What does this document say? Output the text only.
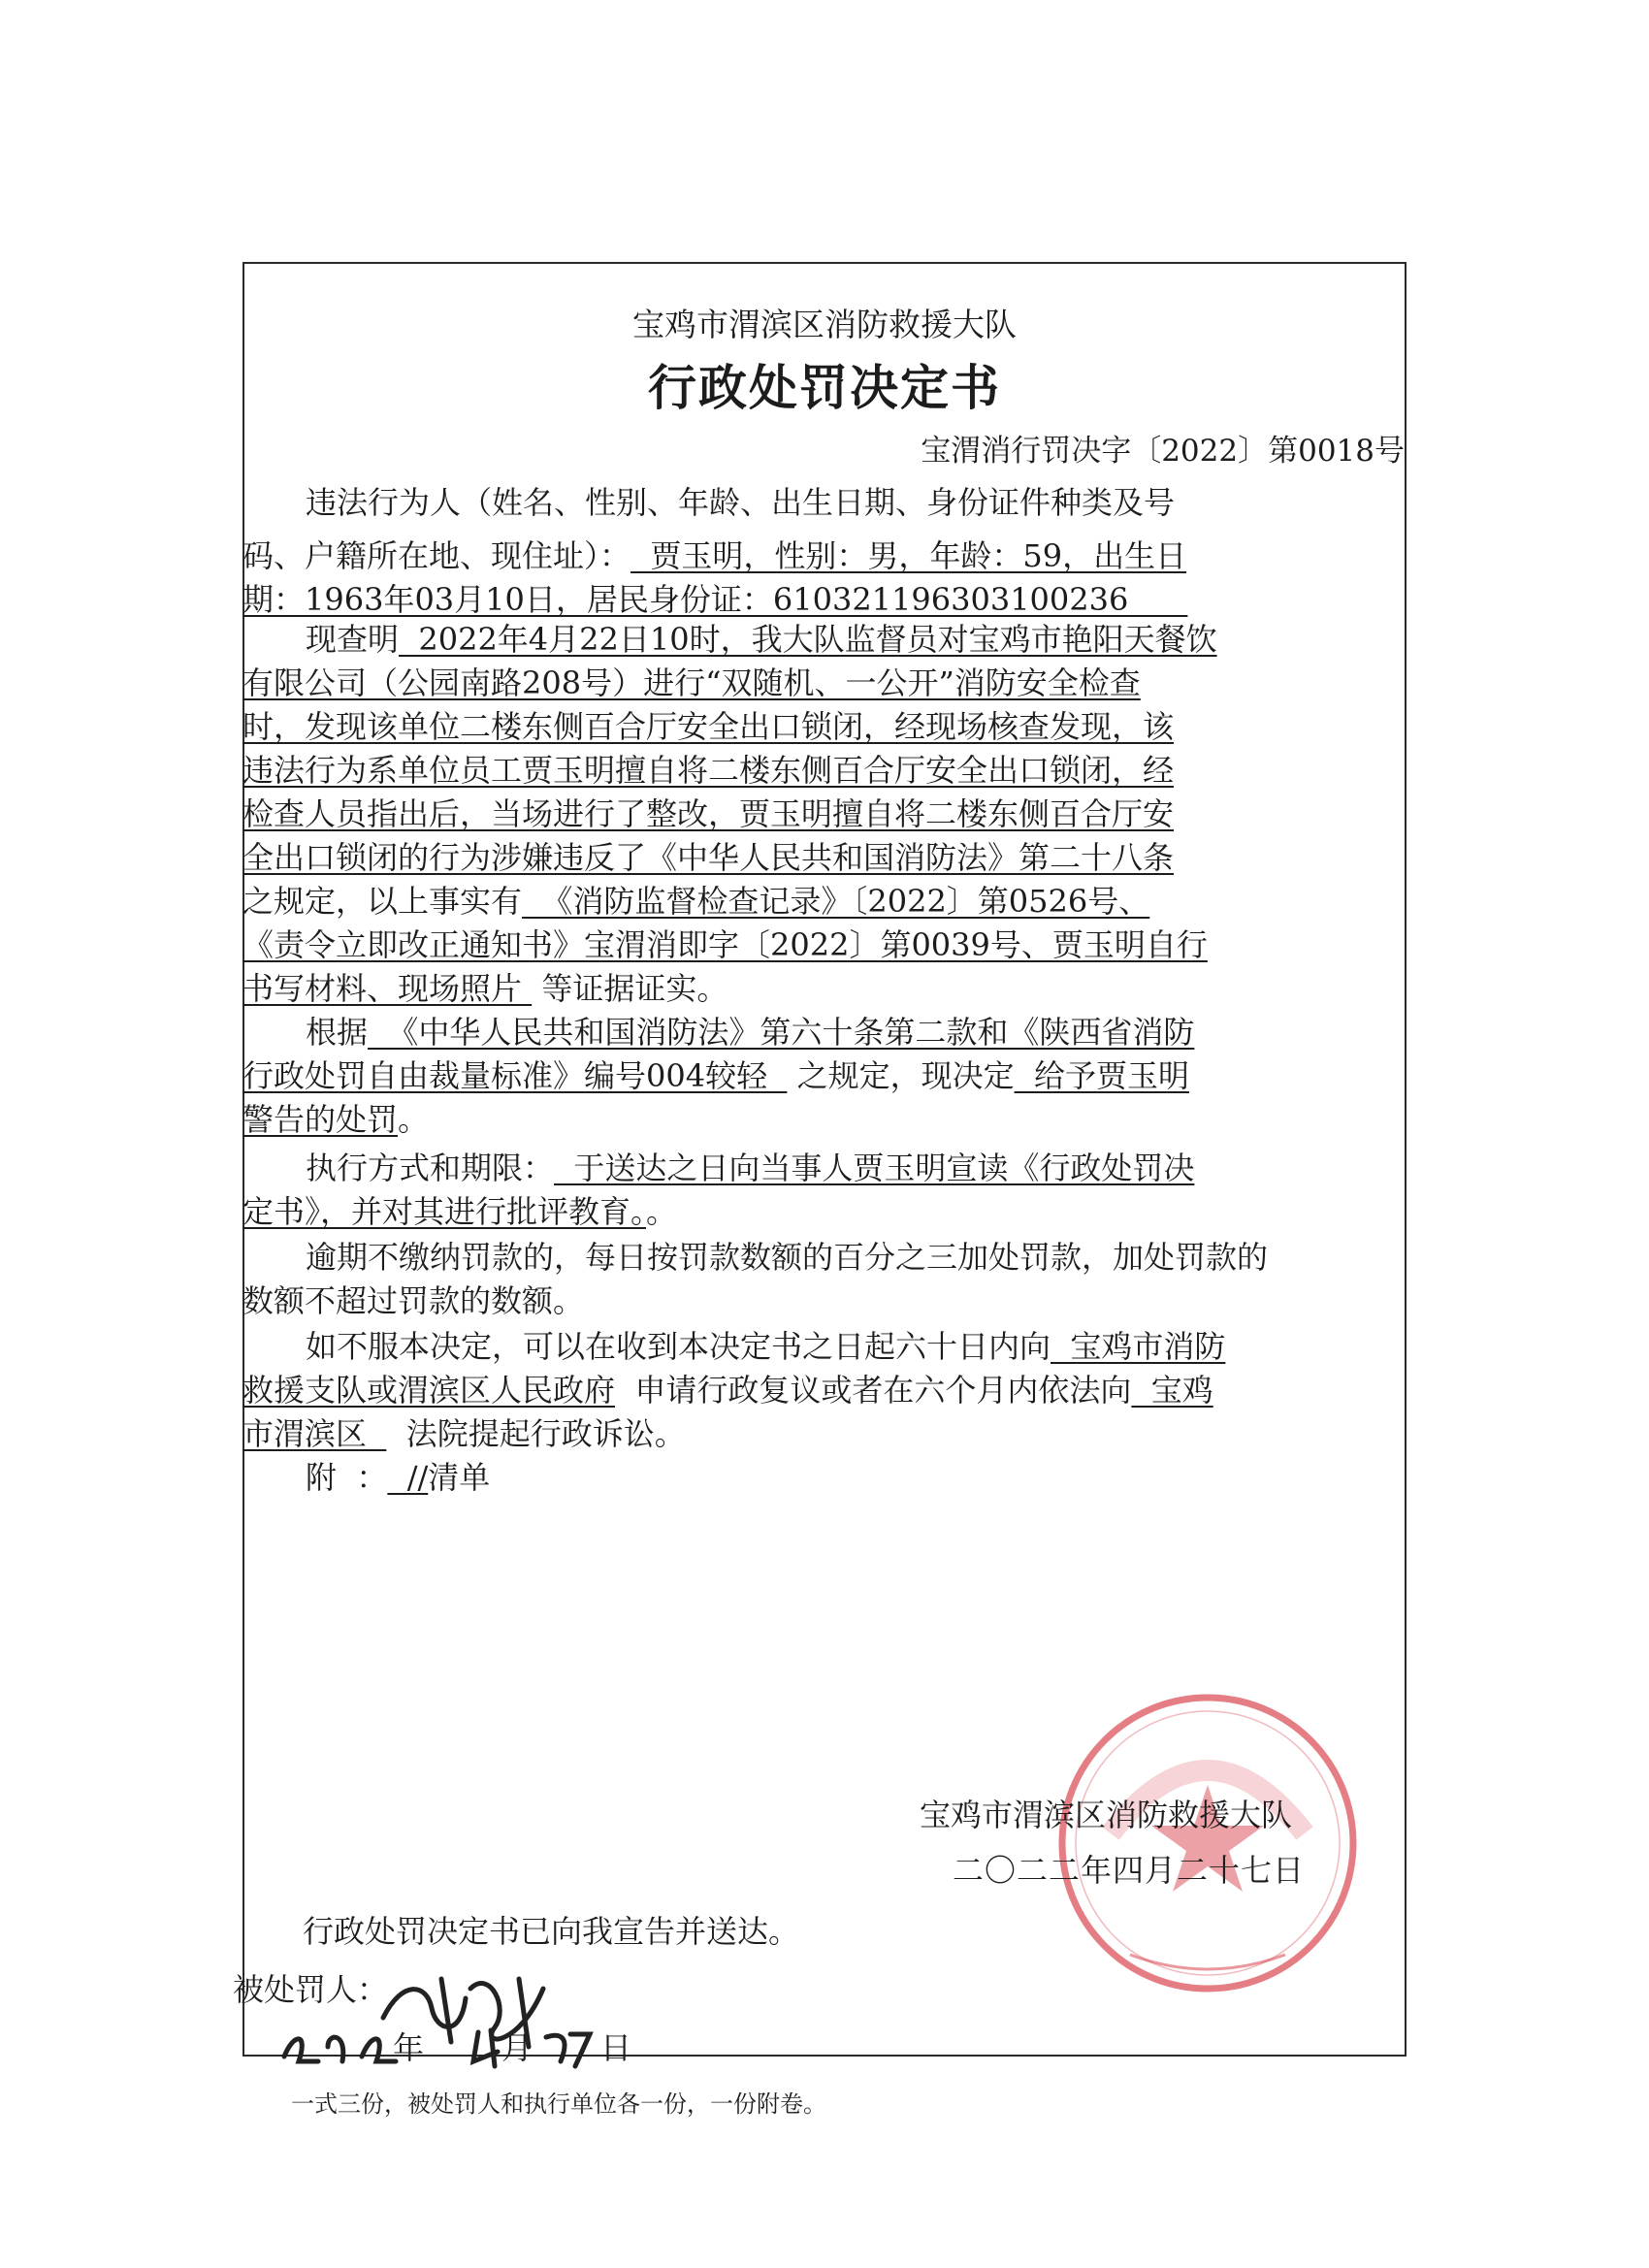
宝鸡市渭滨区消防救援大队
行政处罚决定书
宝渭消行罚决字〔2022〕第0018号
违法行为人（姓名、性别、年龄、出生日期、身份证件种类及号
码、户籍所在地、现住址）：  贾玉明，性别：男，年龄：59，出生日
期：1963年03月10日，居民身份证：610321196303100236
现查明  2022年4月22日10时，我大队监督员对宝鸡市艳阳天餐饮
有限公司（公园南路208号）进行“双随机、一公开”消防安全检查
时，发现该单位二楼东侧百合厅安全出口锁闭，经现场核查发现，该
违法行为系单位员工贾玉明擅自将二楼东侧百合厅安全出口锁闭，经
检查人员指出后，当场进行了整改，贾玉明擅自将二楼东侧百合厅安
全出口锁闭的行为涉嫌违反了《中华人民共和国消防法》第二十八条
之规定，以上事实有  《消防监督检查记录》〔2022〕第0526号、
《责令立即改正通知书》宝渭消即字〔2022〕第0039号、贾玉明自行
书写材料、现场照片  等证据证实。
根据  《中华人民共和国消防法》第六十条第二款和《陕西省消防
行政处罚自由裁量标准》编号004较轻   之规定，现决定  给予贾玉明
警告的处罚。
执行方式和期限：  于送达之日向当事人贾玉明宣读《行政处罚决
定书》，并对其进行批评教育。。
逾期不缴纳罚款的，每日按罚款数额的百分之三加处罚款，加处罚款的
数额不超过罚款的数额。
如不服本决定，可以在收到本决定书之日起六十日内向  宝鸡市消防
救援支队或渭滨区人民政府  申请行政复议或者在六个月内依法向  宝鸡
市渭滨区    法院提起行政诉讼。
附  ：  //清单
宝鸡市渭滨区消防救援大队
二〇二二年四月二十七日
行政处罚决定书已向我宣告并送达。
被处罚人：
年	月 日
一式三份，被处罚人和执行单位各一份，一份附卷。
